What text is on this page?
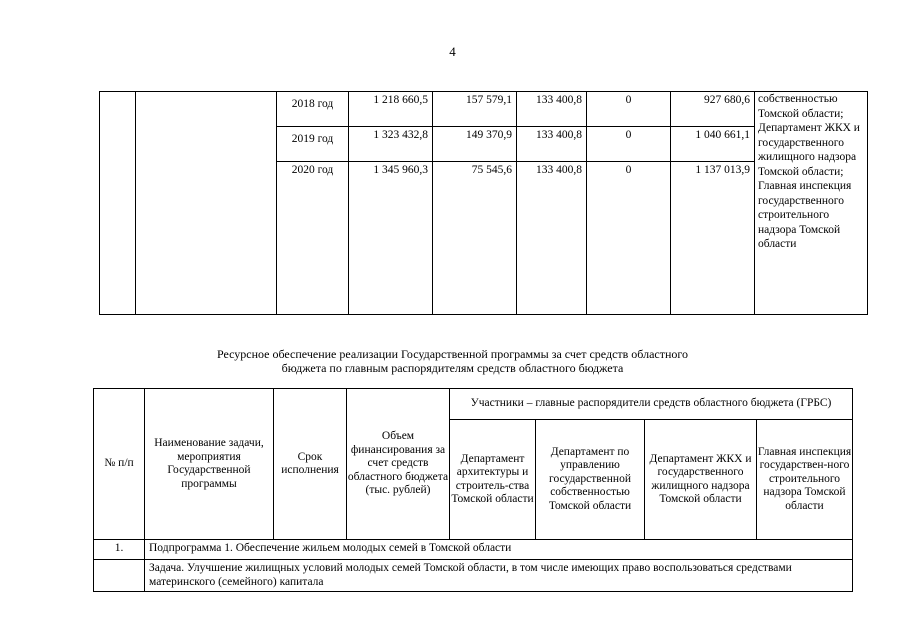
4
		2018 год	1 218 660,5	157 579,1	133 400,8	0	927 680,6	собственностью Томской области; Департамент ЖКХ и государственного жилищного надзора Томской области; Главная инспекция государственного строительного надзора Томской области
		2019 год	1 323 432,8	149 370,9	133 400,8	0	1 040 661,1	
		2020 год	1 345 960,3	75 545,6	133 400,8	0	1 137 013,9	
Ресурсное обеспечение реализации Государственной программы за счет средств областного
бюджета по главным распорядителям средств областного бюджета
№ п/п	Наименование задачи, мероприятия Государственной программы	Срок исполнения	Объем финансирования за счет средств областного бюджета (тыс. рублей)	Участники – главные распорядители средств областного бюджета (ГРБС)			
				Департамент архитектуры и строитель-ства Томской области	Департамент по управлению государственной собственностью Томской области	Департамент ЖКХ и государственного жилищного надзора Томской области	Главная инспекция государствен-ного строительного надзора Томской области
1.	Подпрограмма 1. Обеспечение жильем молодых семей в Томской области						
	Задача. Улучшение жилищных условий молодых семей Томской области, в том числе имеющих право воспользоваться средствами материнского (семейного) капитала						
